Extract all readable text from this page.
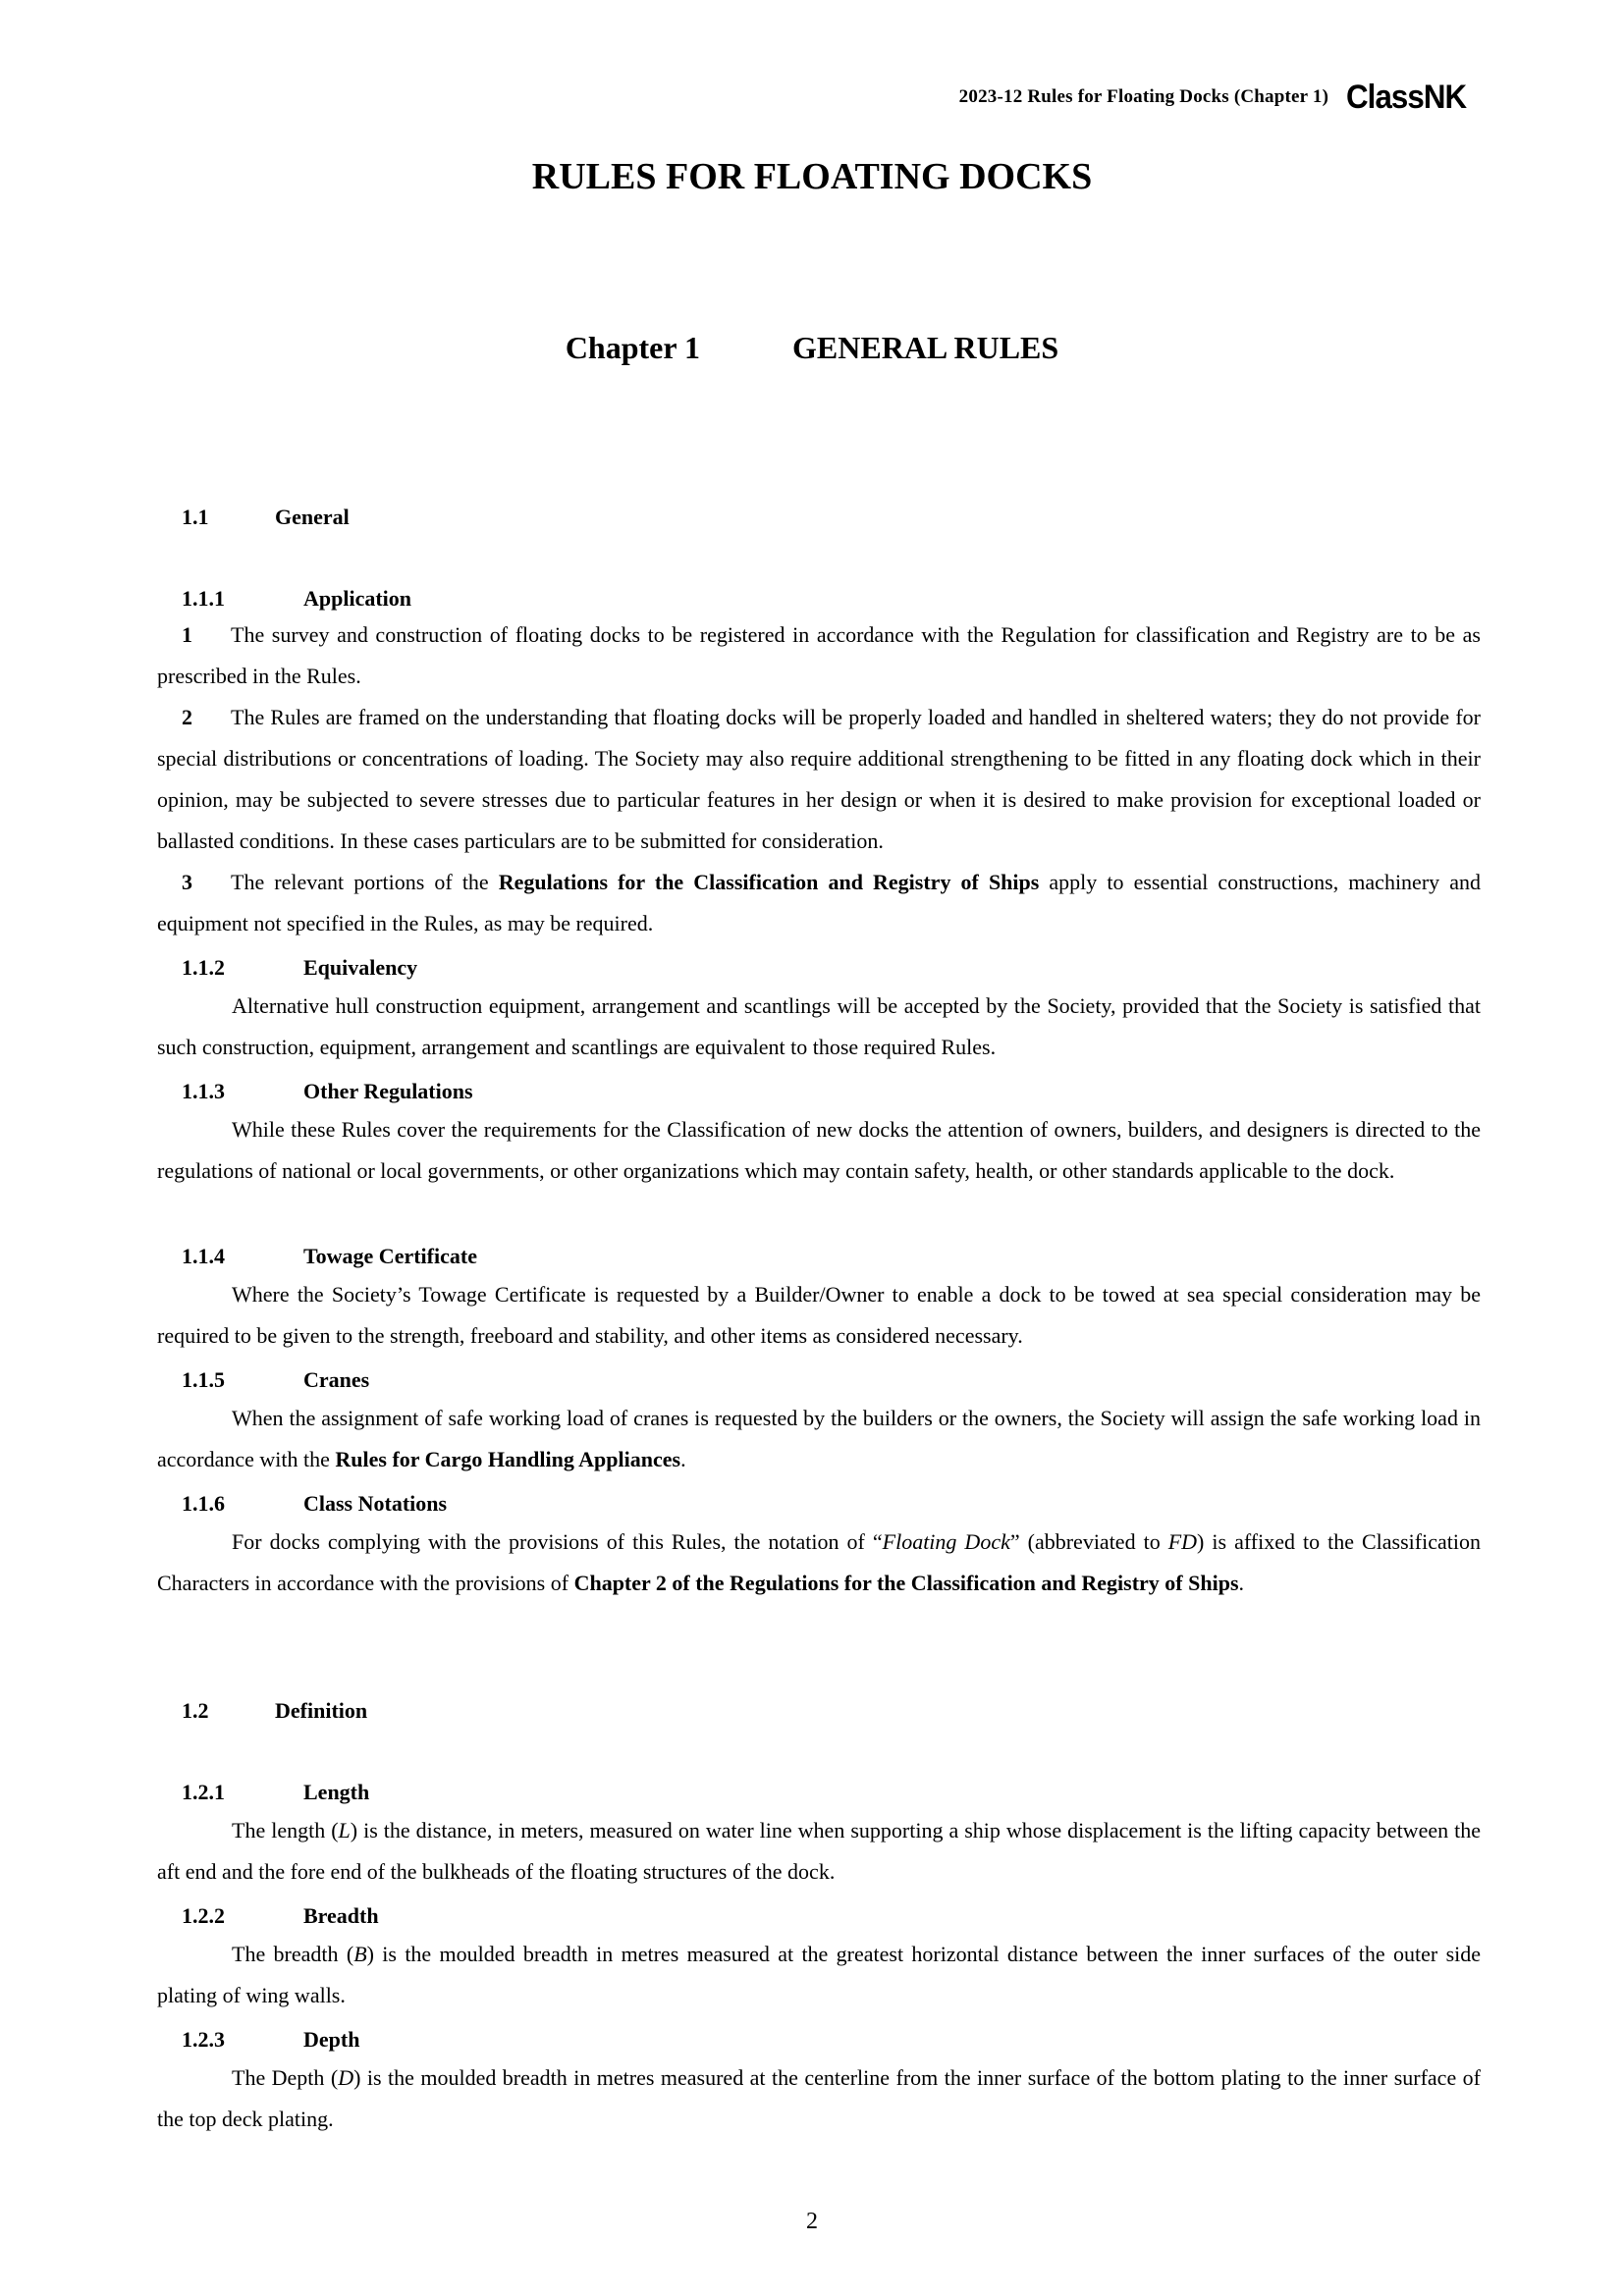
2023-12 Rules for Floating Docks (Chapter 1) ClassNK
RULES FOR FLOATING DOCKS
Chapter 1	GENERAL RULES
1.1	General
1.1.1	Application

1 The survey and construction of floating docks to be registered in accordance with the Regulation for classification and Registry are to be as prescribed in the Rules.

2 The Rules are framed on the understanding that floating docks will be properly loaded and handled in sheltered waters; they do not provide for special distributions or concentrations of loading. The Society may also require additional strengthening to be fitted in any floating dock which in their opinion, may be subjected to severe stresses due to particular features in her design or when it is desired to make provision for exceptional loaded or ballasted conditions. In these cases particulars are to be submitted for consideration.

3 The relevant portions of the Regulations for the Classification and Registry of Ships apply to essential constructions, machinery and equipment not specified in the Rules, as may be required.

1.1.2	Equivalency

Alternative hull construction equipment, arrangement and scantlings will be accepted by the Society, provided that the Society is satisfied that such construction, equipment, arrangement and scantlings are equivalent to those required Rules.

1.1.3	Other Regulations

While these Rules cover the requirements for the Classification of new docks the attention of owners, builders, and designers is directed to the regulations of national or local governments, or other organizations which may contain safety, health, or other standards applicable to the dock.

1.1.4	Towage Certificate

Where the Society’s Towage Certificate is requested by a Builder/Owner to enable a dock to be towed at sea special consideration may be required to be given to the strength, freeboard and stability, and other items as considered necessary.

1.1.5	Cranes

When the assignment of safe working load of cranes is requested by the builders or the owners, the Society will assign the safe working load in accordance with the Rules for Cargo Handling Appliances.

1.1.6	Class Notations

For docks complying with the provisions of this Rules, the notation of “Floating Dock” (abbreviated to FD) is affixed to the Classification Characters in accordance with the provisions of Chapter 2 of the Regulations for the Classification and Registry of Ships.

1.2	Definition
1.2.1	Length

The length (L) is the distance, in meters, measured on water line when supporting a ship whose displacement is the lifting capacity between the aft end and the fore end of the bulkheads of the floating structures of the dock.

1.2.2	Breadth

The breadth (B) is the moulded breadth in metres measured at the greatest horizontal distance between the inner surfaces of the outer side plating of wing walls.

1.2.3	Depth

The Depth (D) is the moulded breadth in metres measured at the centerline from the inner surface of the bottom plating to the inner surface of the top deck plating.

2
